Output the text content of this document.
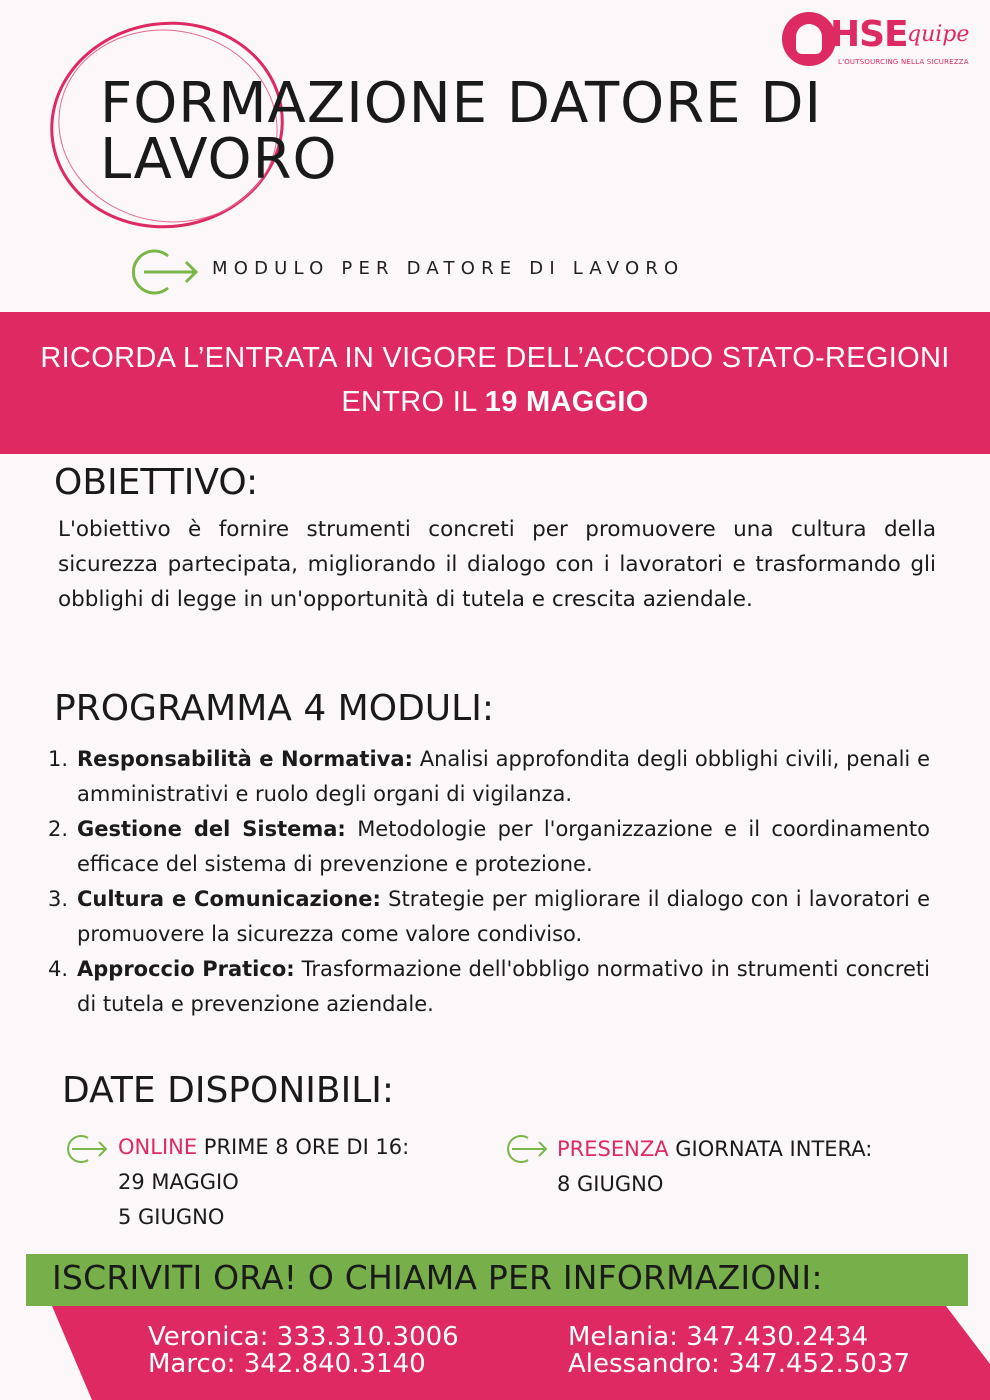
FORMAZIONE DATORE DI
LAVORO
HSE quipe
L'OUTSOURCING NELLA SICUREZZA
MODULO PER DATORE DI LAVORO
RICORDA L’ENTRATA IN VIGORE DELL’ACCODO STATO-REGIONI
ENTRO IL 19 MAGGIO
OBIETTIVO:
L'obiettivo è fornire strumenti concreti per promuovere una cultura della sicurezza partecipata, migliorando il dialogo con i lavoratori e trasformando gli obblighi di legge in un'opportunità di tutela e crescita aziendale.
PROGRAMMA 4 MODULI:
1. Responsabilità e Normativa: Analisi approfondita degli obblighi civili, penali e amministrativi e ruolo degli organi di vigilanza.
2. Gestione del Sistema: Metodologie per l'organizzazione e il coordinamento efficace del sistema di prevenzione e protezione.
3. Cultura e Comunicazione: Strategie per migliorare il dialogo con i lavoratori e promuovere la sicurezza come valore condiviso.
4. Approccio Pratico: Trasformazione dell'obbligo normativo in strumenti concreti di tutela e prevenzione aziendale.
DATE DISPONIBILI:
ONLINE PRIME 8 ORE DI 16:
29 MAGGIO
5 GIUGNO
PRESENZA GIORNATA INTERA:
8 GIUGNO
ISCRIVITI ORA! O CHIAMA PER INFORMAZIONI:
Veronica: 333.310.3006
Marco: 342.840.3140
Melania: 347.430.2434
Alessandro: 347.452.5037
